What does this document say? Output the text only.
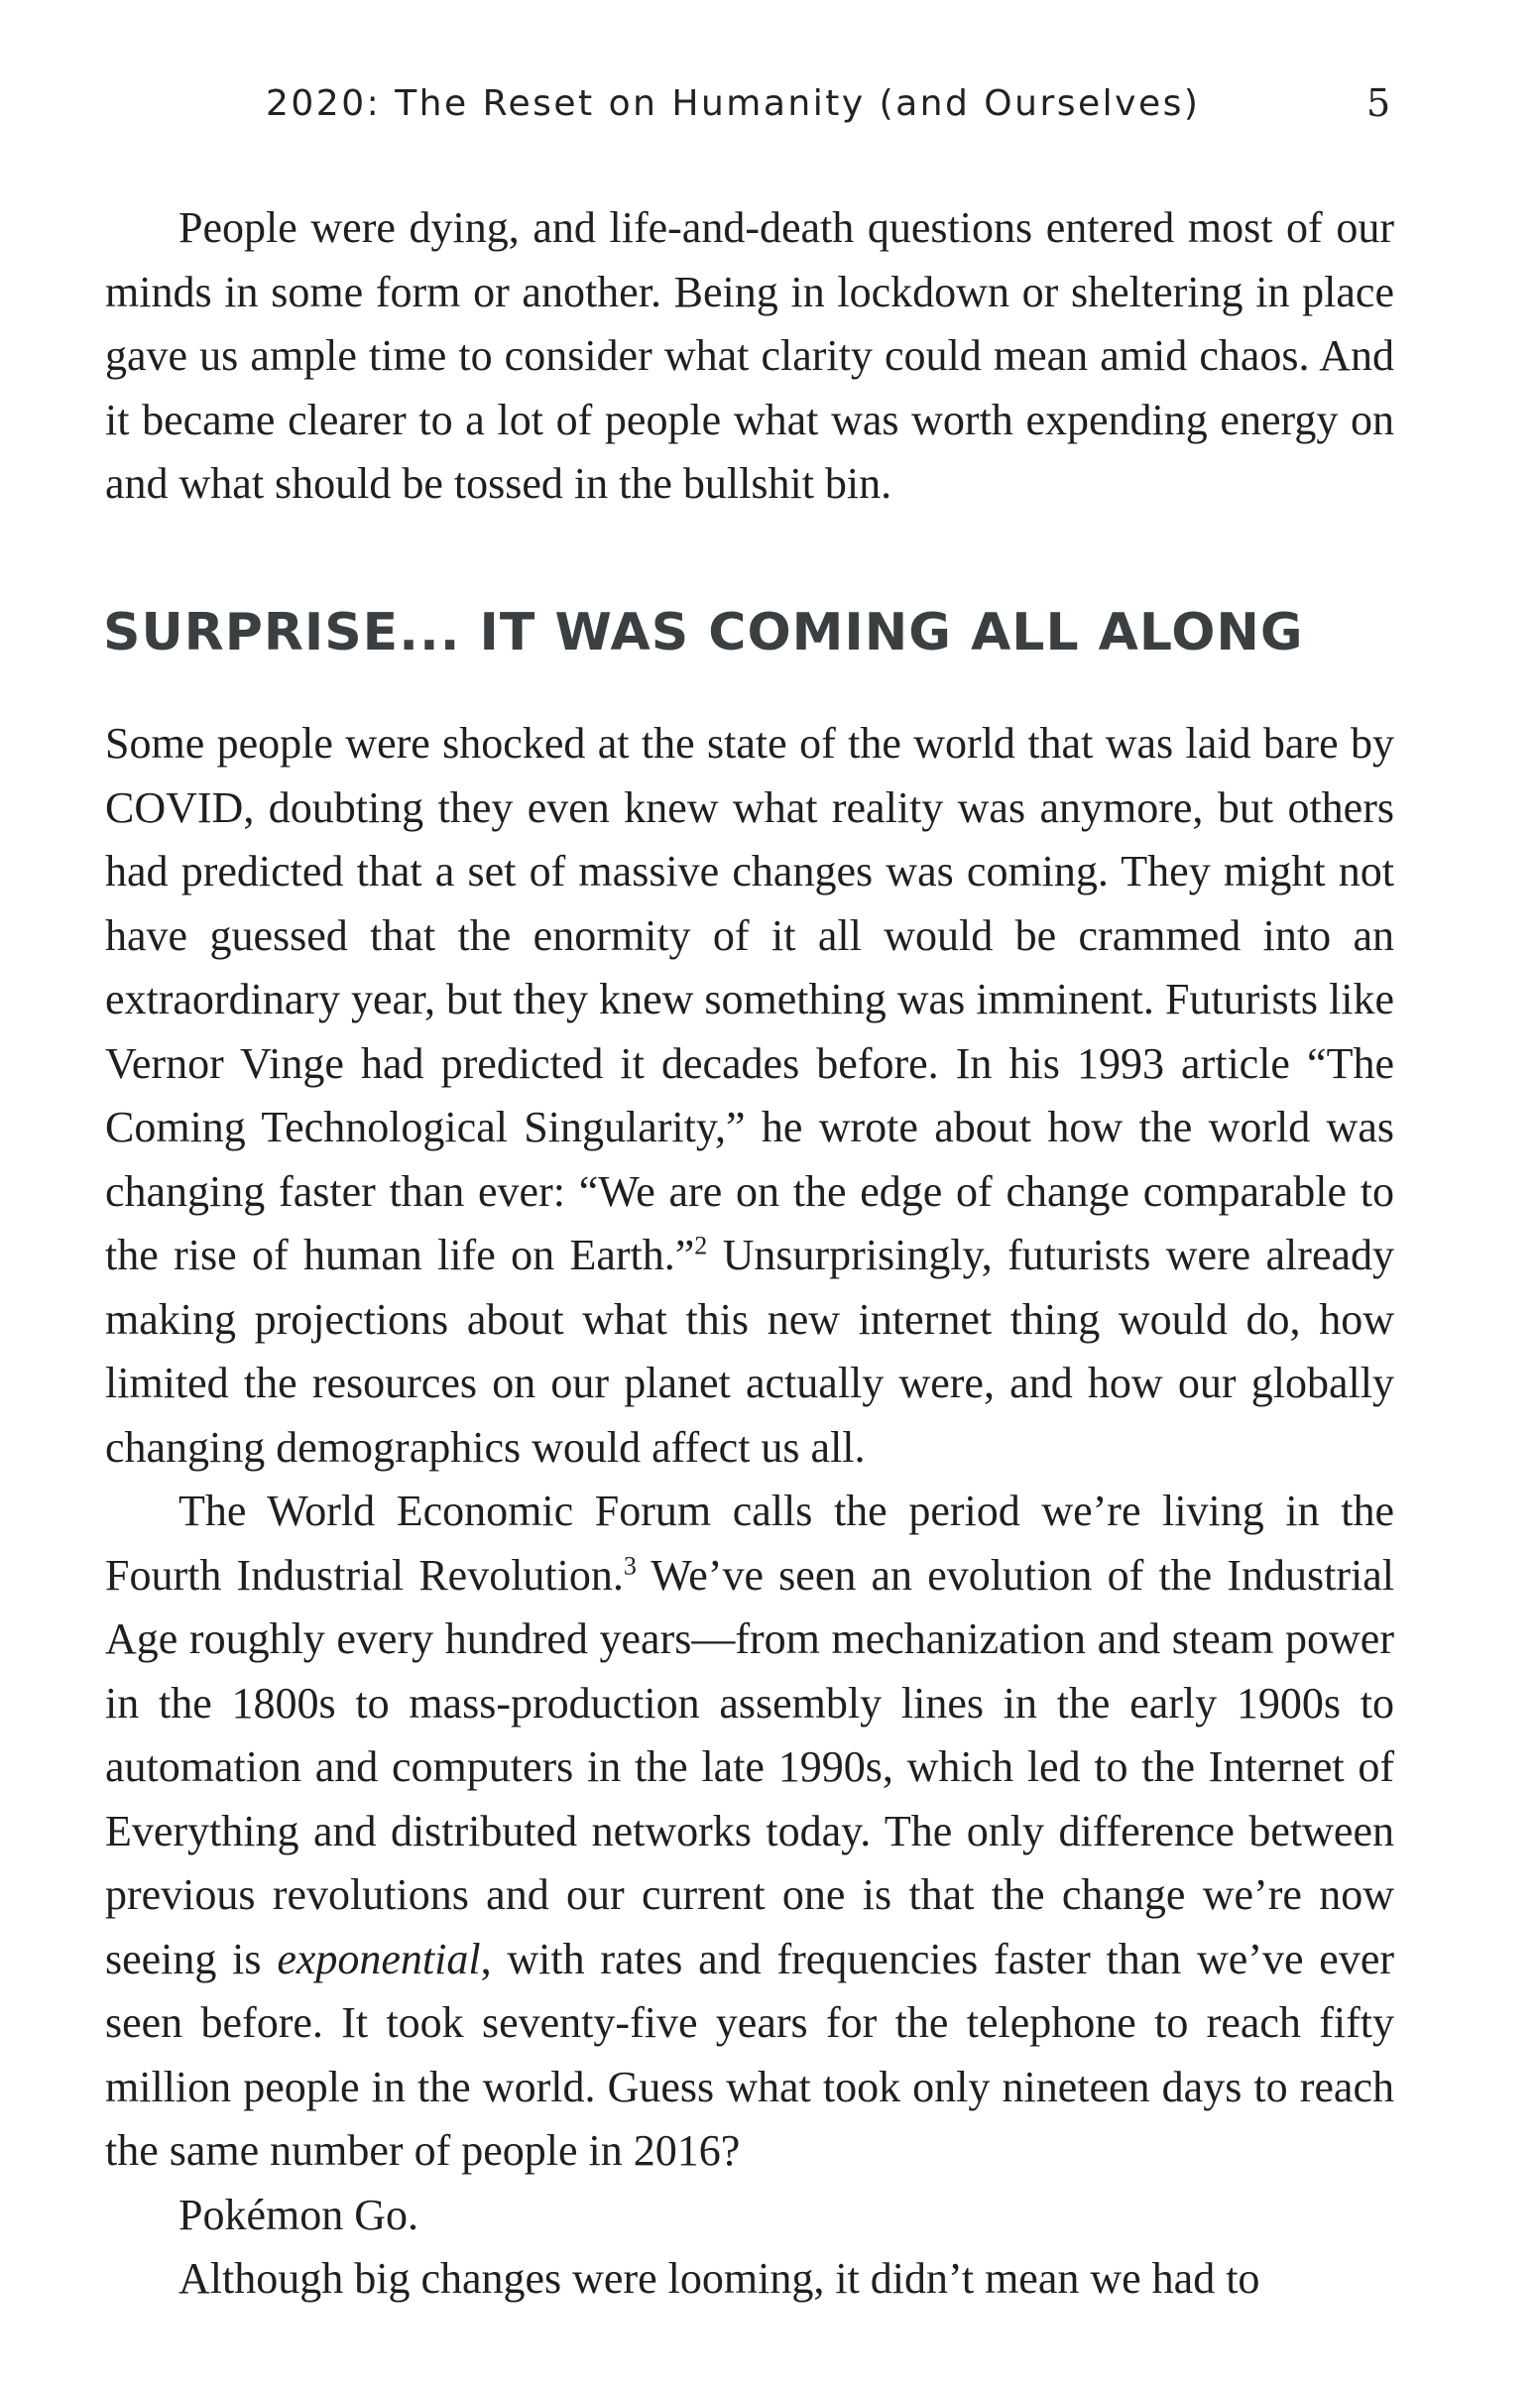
2020: The Reset on Humanity (and Ourselves)	5

People were dying, and life-and-death questions entered most of our minds in some form or another. Being in lockdown or sheltering in place gave us ample time to consider what clarity could mean amid chaos. And it became clearer to a lot of people what was worth expending energy on and what should be tossed in the bullshit bin.

SURPRISE... IT WAS COMING ALL ALONG

Some people were shocked at the state of the world that was laid bare by COVID, doubting they even knew what reality was anymore, but others had predicted that a set of massive changes was coming. They might not have guessed that the enormity of it all would be crammed into an extraordinary year, but they knew something was imminent. Futurists like Vernor Vinge had predicted it decades before. In his 1993 article “The Coming Technological Singularity,” he wrote about how the world was changing faster than ever: “We are on the edge of change comparable to the rise of human life on Earth.”$^2$ Unsurprisingly, futurists were already making projections about what this new internet thing would do, how limited the resources on our planet actually were, and how our globally changing demographics would affect us all.

The World Economic Forum calls the period we’re living in the Fourth Industrial Revolution.$^3$ We’ve seen an evolution of the Industrial Age roughly every hundred years—from mechanization and steam power in the 1800s to mass-production assembly lines in the early 1900s to automation and computers in the late 1990s, which led to the Internet of Everything and distributed networks today. The only difference between previous revolutions and our current one is that the change we’re now seeing is exponential, with rates and frequencies faster than we’ve ever seen before. It took seventy-five years for the telephone to reach fifty million people in the world. Guess what took only nineteen days to reach the same number of people in 2016?

Pokémon Go.

Although big changes were looming, it didn’t mean we had to
